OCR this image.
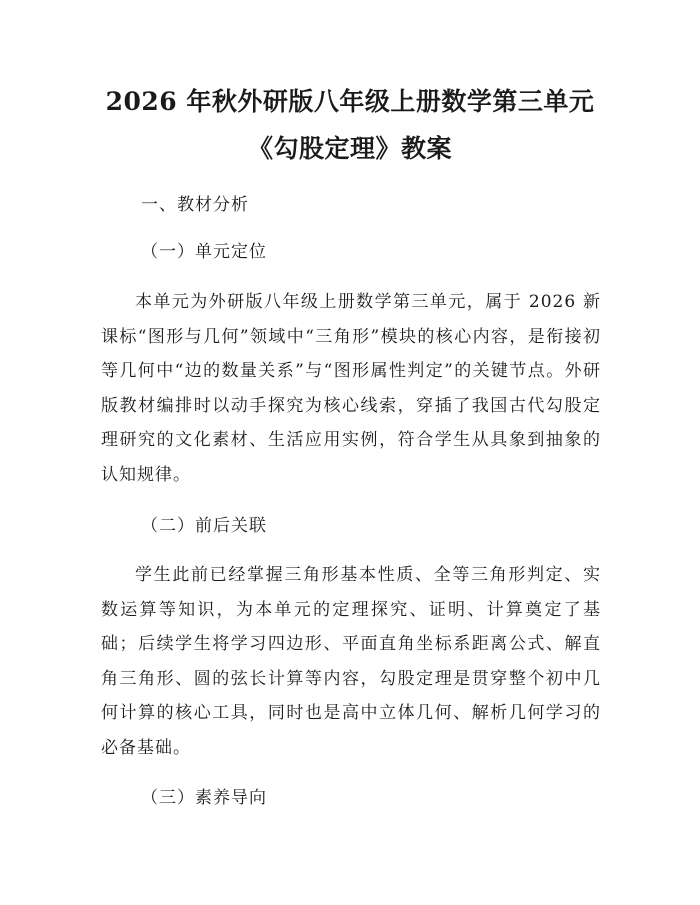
2026 年秋外研版八年级上册数学第三单元
《勾股定理》教案
一、教材分析
（一）单元定位

本单元为外研版八年级上册数学第三单元，属于 2026 新课标“图形与几何”领域中“三角形”模块的核心内容，是衔接初等几何中“边的数量关系”与“图形属性判定”的关键节点。外研版教材编排时以动手探究为核心线索，穿插了我国古代勾股定理研究的文化素材、生活应用实例，符合学生从具象到抽象的认知规律。

（二）前后关联

学生此前已经掌握三角形基本性质、全等三角形判定、实数运算等知识，为本单元的定理探究、证明、计算奠定了基础；后续学生将学习四边形、平面直角坐标系距离公式、解直角三角形、圆的弦长计算等内容，勾股定理是贯穿整个初中几何计算的核心工具，同时也是高中立体几何、解析几何学习的必备基础。

（三）素养导向
